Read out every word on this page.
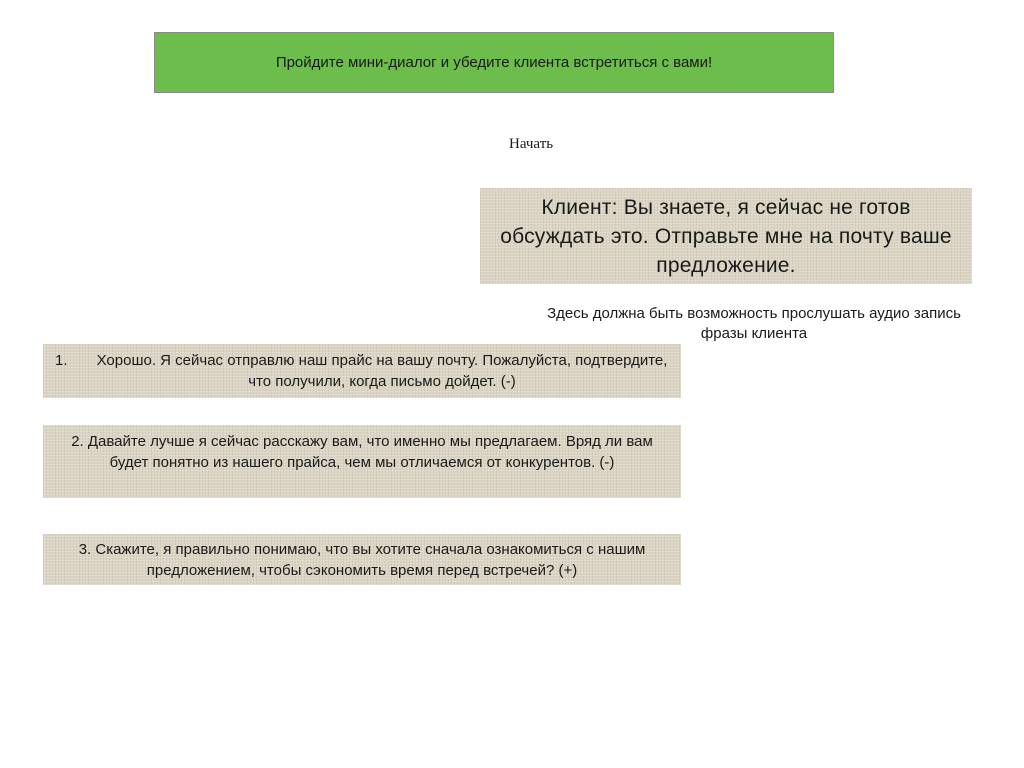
Пройдите мини-диалог и убедите клиента встретиться с вами!
Начать
Клиент: Вы знаете, я сейчас не готов обсуждать это. Отправьте мне на почту ваше предложение.
Здесь должна быть возможность прослушать аудио запись фразы клиента
1.	Хорошо. Я сейчас отправлю наш прайс на вашу почту. Пожалуйста, подтвердите, что получили, когда письмо дойдет. (-)
2. Давайте лучше я сейчас расскажу вам, что именно мы предлагаем. Вряд ли вам будет понятно из нашего прайса, чем мы отличаемся от конкурентов. (-)
3. Скажите, я правильно понимаю, что вы хотите сначала ознакомиться с нашим предложением, чтобы сэкономить время перед встречей? (+)
